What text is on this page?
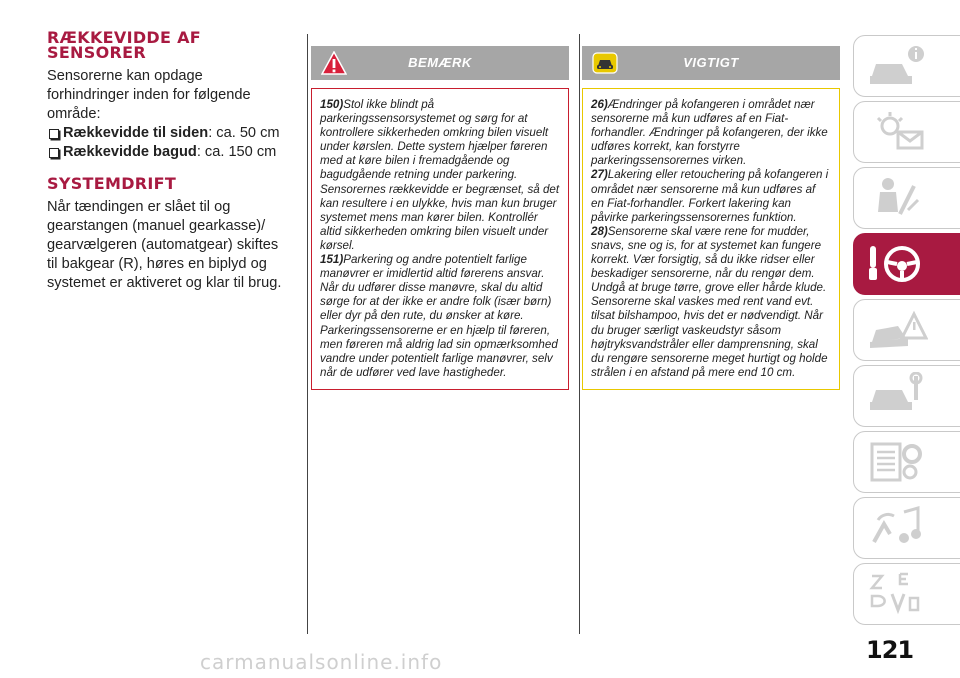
RÆKKEVIDDE AF SENSORER

Sensorerne kan opdage forhindringer inden for følgende område:

Rækkevidde til siden: ca. 50 cm
Rækkevidde bagud: ca. 150 cm
SYSTEMDRIFT

Når tændingen er slået til og gearstangen (manuel gearkasse)/ gearvælgeren (automatgear) skiftes til bakgear (R), høres en biplyd og systemet er aktiveret og klar til brug.

BEMÆRK

150)Stol ikke blindt på parkeringssensorsystemet og sørg for at kontrollere sikkerheden omkring bilen visuelt under kørslen. Dette system hjælper føreren med at køre bilen i fremadgående og bagudgående retning under parkering. Sensorernes rækkevidde er begrænset, så det kan resultere i en ulykke, hvis man kun bruger systemet mens man kører bilen. Kontrollér altid sikkerheden omkring bilen visuelt under kørsel.

151)Parkering og andre potentielt farlige manøvrer er imidlertid altid førerens ansvar. Når du udfører disse manøvre, skal du altid sørge for at der ikke er andre folk (især børn) eller dyr på den rute, du ønsker at køre. Parkeringssensorerne er en hjælp til føreren, men føreren må aldrig lad sin opmærksomhed vandre under potentielt farlige manøvrer, selv når de udfører ved lave hastigheder.

VIGTIGT

26)Ændringer på kofangeren i området nær sensorerne må kun udføres af en Fiat-forhandler. Ændringer på kofangeren, der ikke udføres korrekt, kan forstyrre parkeringssensorernes virken.

27)Lakering eller retouchering på kofangeren i området nær sensorerne må kun udføres af en Fiat-forhandler. Forkert lakering kan påvirke parkeringssensorernes funktion.

28)Sensorerne skal være rene for mudder, snavs, sne og is, for at systemet kan fungere korrekt. Vær forsigtig, så du ikke ridser eller beskadiger sensorerne, når du rengør dem. Undgå at bruge tørre, grove eller hårde klude. Sensorerne skal vaskes med rent vand evt. tilsat bilshampoo, hvis det er nødvendigt. Når du bruger særligt vaskeudstyr såsom højtryksvandstråler eller damprensning, skal du rengøre sensorerne meget hurtigt og holde strålen i en afstand på mere end 10 cm.

121
carmanualsonline.info
